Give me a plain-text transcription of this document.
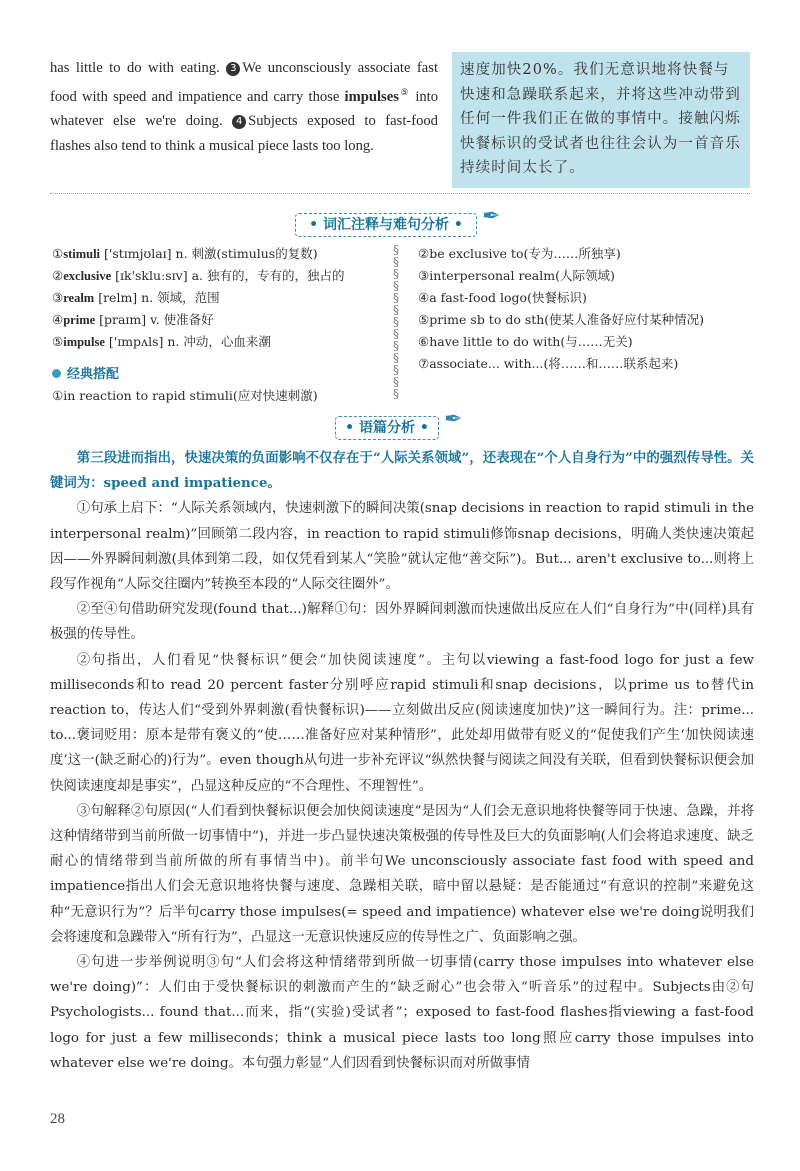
has little to do with eating. 3 We unconsciously associate fast food with speed and impatience and carry those impulses⑤ into whatever else we're doing. 4 Subjects exposed to fast-food flashes also tend to think a musical piece lasts too long.
速度加快20%。我们无意识地将快餐与快速和急躁联系起来，并将这些冲动带到任何一件我们正在做的事情中。接触闪烁快餐标识的受试者也往往会认为一首音乐持续时间太长了。
• 词汇注释与难句分析 • ✒
①stimuli ['stɪmjʊlaɪ] n. 刺激(stimulus的复数)
②exclusive [ɪk'skluːsɪv] a. 独有的，专有的，独占的
③realm [relm] n. 领域，范围
④prime [praɪm] v. 使准备好
⑤impulse ['ɪmpʌls] n. 冲动，心血来潮
§
§
§
§
§
§
§
§
§
§
§
§
§
②be exclusive to(专为……所独享)
③interpersonal realm(人际领域)
④a fast-food logo(快餐标识)
⑤prime sb to do sth(使某人准备好应付某种情况)
⑥have little to do with(与……无关)
⑦associate... with...(将……和……联系起来)
经典搭配
①in reaction to rapid stimuli(应对快速刺激)
• 语篇分析 • ✒

第三段进而指出，快速决策的负面影响不仅存在于“人际关系领域”，还表现在“个人自身行为”中的强烈传导性。关键词为：speed and impatience。

①句承上启下：“人际关系领域内，快速刺激下的瞬间决策(snap decisions in reaction to rapid stimuli in the interpersonal realm)”回顾第二段内容，in reaction to rapid stimuli修饰snap decisions，明确人类快速决策起因——外界瞬间刺激(具体到第二段，如仅凭看到某人“笑脸”就认定他“善交际”)。But... aren't exclusive to...则将上段写作视角“人际交往圈内”转换至本段的“人际交往圈外”。

②至④句借助研究发现(found that...)解释①句：因外界瞬间刺激而快速做出反应在人们“自身行为”中(同样)具有极强的传导性。

②句指出，人们看见“快餐标识”便会“加快阅读速度”。主句以viewing a fast-food logo for just a few milliseconds和to read 20 percent faster分别呼应rapid stimuli和snap decisions，以prime us to替代in reaction to，传达人们“受到外界刺激(看快餐标识)——立刻做出反应(阅读速度加快)”这一瞬间行为。注：prime... to...褒词贬用：原本是带有褒义的“使……准备好应对某种情形”，此处却用做带有贬义的“促使我们产生‘加快阅读速度’这一(缺乏耐心的)行为”。even though从句进一步补充评议“纵然快餐与阅读之间没有关联，但看到快餐标识便会加快阅读速度却是事实”，凸显这种反应的“不合理性、不理智性”。

③句解释②句原因(“人们看到快餐标识便会加快阅读速度”是因为“人们会无意识地将快餐等同于快速、急躁，并将这种情绪带到当前所做一切事情中”)，并进一步凸显快速决策极强的传导性及巨大的负面影响(人们会将追求速度、缺乏耐心的情绪带到当前所做的所有事情当中)。前半句We unconsciously associate fast food with speed and impatience指出人们会无意识地将快餐与速度、急躁相关联，暗中留以悬疑：是否能通过“有意识的控制”来避免这种“无意识行为”？后半句carry those impulses(= speed and impatience) whatever else we're doing说明我们会将速度和急躁带入“所有行为”，凸显这一无意识快速反应的传导性之广、负面影响之强。

④句进一步举例说明③句“人们会将这种情绪带到所做一切事情(carry those impulses into whatever else we're doing)”：人们由于受快餐标识的刺激而产生的“缺乏耐心”也会带入“听音乐”的过程中。Subjects由②句Psychologists... found that...而来，指“(实验)受试者”；exposed to fast-food flashes指viewing a fast-food logo for just a few milliseconds；think a musical piece lasts too long照应carry those impulses into whatever else we're doing。本句强力彰显“人们因看到快餐标识而对所做事情

28
